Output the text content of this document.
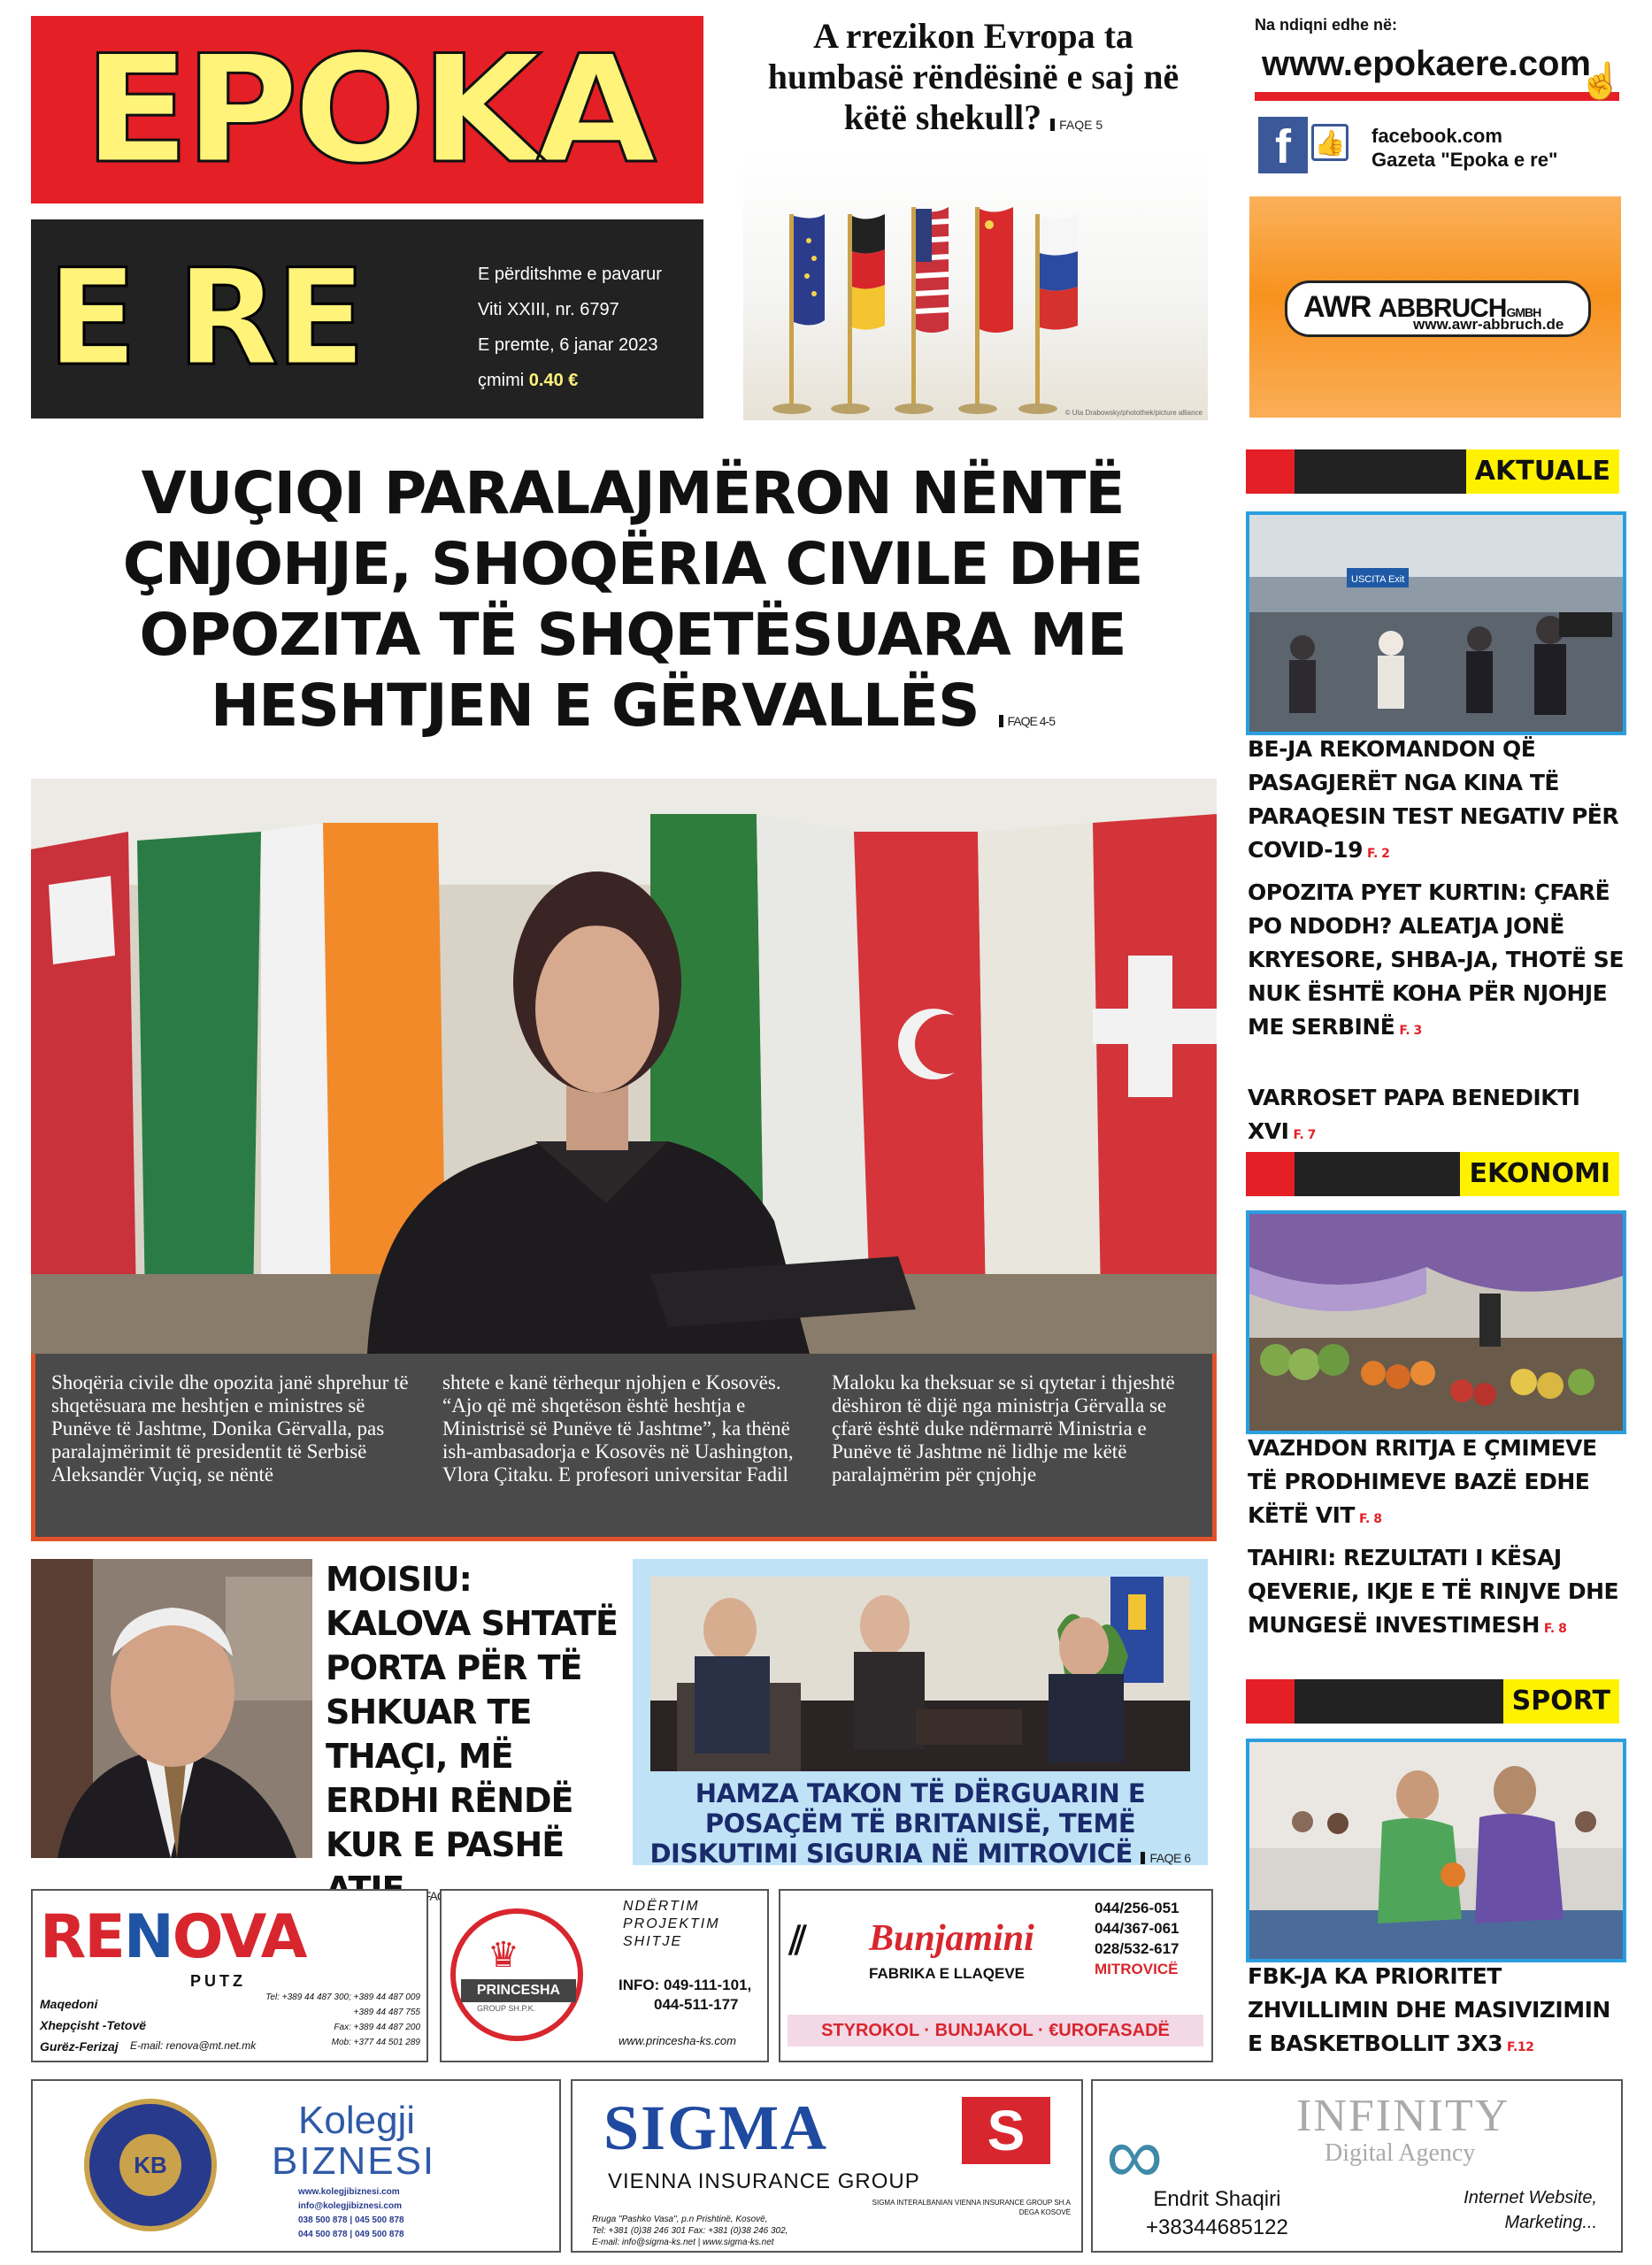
EPOKA
E RE	E përditshme e pavarur
Viti XXIII, nr. 6797
E premte, 6 janar 2023
çmimi 0.40 €
A rrezikon Evropa ta humbasë rëndësinë e saj në këtë shekull? FAQE 5
© Uta Drabowsky/photothek/picture alliance
Na ndiqni edhe në:
www.epokaere.com
☝
f 👍 facebook.com
Gazeta "Epoka e re"
AWR ABBRUCHGMBH
www.awr-abbruch.de
VUÇIQI PARALAJMËRON NËNTË ÇNJOHJE, SHOQËRIA CIVILE DHE OPOZITA TË SHQETËSUARA ME HESHTJEN E GËRVALLËS FAQE 4-5
Shoqëria civile dhe opozita janë shprehur të shqetësuara me heshtjen e ministres së Punëve të Jashtme, Donika Gërvalla, pas paralajmërimit të presidentit të Serbisë Aleksandër Vuçiq, se nëntë
shtete e kanë tërhequr njohjen e Kosovës. “Ajo që më shqetëson është heshtja e Ministrisë së Punëve të Jashtme”, ka thënë ish-ambasadorja e Kosovës në Uashington, Vlora Çitaku. E profesori universitar Fadil
Maloku ka theksuar se si qytetar i thjeshtë dëshiron të dijë nga ministrja Gërvalla se çfarë është duke ndërmarrë Ministria e Punëve të Jashtme në lidhje me këtë paralajmërim për çnjohje
MOISIU: KALOVA SHTATË PORTA PËR TË SHKUAR TE THAÇI, MË ERDHI RËNDË KUR E PASHË FAQE
HAMZA TAKON TË DËRGUARIN E POSAÇËM TË BRITANISË, TEMË DISKUTIMI SIGURIA NË MITROVICË FAQE 6
AKTUALE
USCITA Exit
BE-JA REKOMANDON QË PASAGJERËT NGA KINA TË PARAQESIN TEST NEGATIV PËR COVID-19 F. 2
OPOZITA PYET KURTIN: ÇFARË PO NDODH? ALEATJA JONË KRYESORE, SHBA-JA, THOTË SE NUK ËSHTË KOHA PËR NJOHJE ME SERBINË F. 3
VARROSET PAPA BENEDIKTI XVI F. 7
EKONOMI
VAZHDON RRITJA E ÇMIMEVE TË PRODHIMEVE BAZË EDHE KËTË VIT F. 8
TAHIRI: REZULTATI I KËSAJ QEVERIE, IKJE E TË RINJVE DHE MUNGESË INVESTIMESH F. 8
SPORT
FBK-JA KA PRIORITET ZHVILLIMIN DHE MASIVIZIMIN E BASKETBOLLIT 3X3 F.12
RENOVA
PUTZ
Maqedoni
Xhepçisht -Tetovë
Gurëz-Ferizaj
Tel: +389 44 487 300; +389 44 487 009
+389 44 487 755
Fax: +389 44 487 200
Mob: +377 44 501 289
E-mail: renova@mt.net.mk
♛
PRINCESHA
GROUP SH.P.K.
NDËRTIM
PROJEKTIM
SHITJE
INFO: 049-111-101,
044-511-177
www.princesha-ks.com
⫽ Bunjamini
FABRIKA E LLAQEVE
044/256-051
044/367-061
028/532-617
MITROVICË
STYROKOL · BUNJAKOL · €UROFASADË
KB
Kolegji
BIZNESI
www.kolegjibiznesi.com
info@kolegjibiznesi.com
038 500 878 | 045 500 878
044 500 878 | 049 500 878
SIGMA	S
VIENNA INSURANCE GROUP
SIGMA INTERALBANIAN VIENNA INSURANCE GROUP SH.A
DEGA KOSOVË
Rruga "Pashko Vasa", p.n Prishtinë, Kosovë,
Tel: +381 (0)38 246 301 Fax: +381 (0)38 246 302,
E-mail: info@sigma-ks.net | www.sigma-ks.net
∞	INFINITY
Digital Agency
Endrit Shaqiri
+38344685122
Internet Website,
Marketing...
